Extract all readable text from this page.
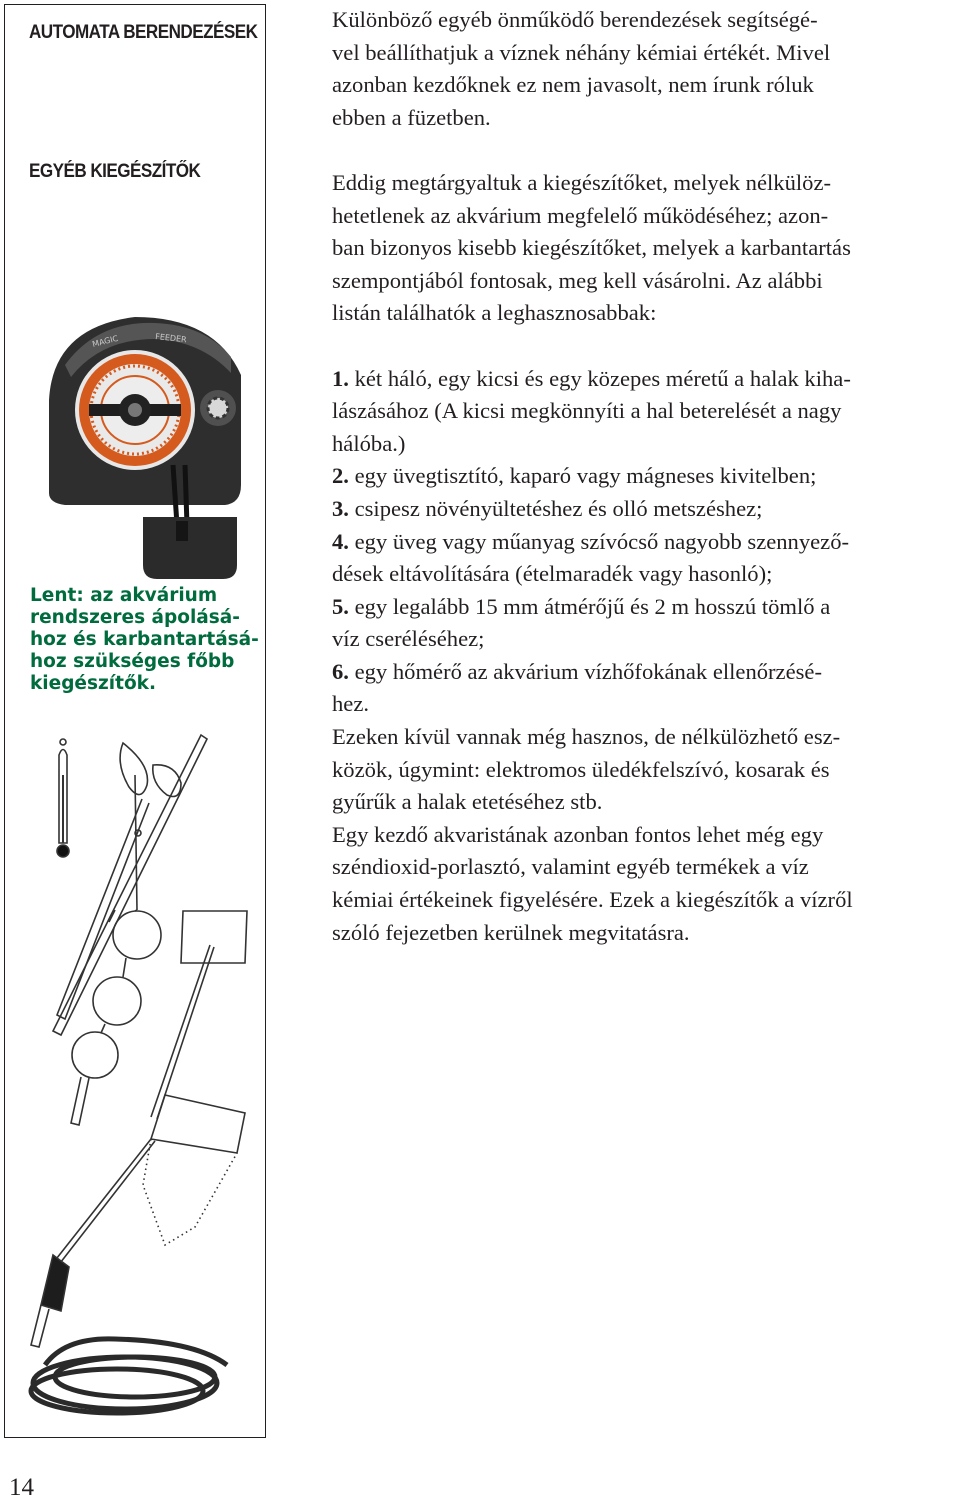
AUTOMATA BERENDEZÉSEK
EGYÉB KIEGÉSZÍTŐK
MAGIC	FEEDER

Lent: az akvárium

rendszeres ápolásá-

hoz és karbantartásá-

hoz szükséges főbb

kiegészítők.

Különböző egyéb önműködő berendezések segítségé-

vel beállíthatjuk a víznek néhány kémiai értékét. Mivel

azonban kezdőknek ez nem javasolt, nem írunk róluk

ebben a füzetben.

Eddig megtárgyaltuk a kiegészítőket, melyek nélkülöz-

hetetlenek az akvárium megfelelő működéséhez; azon-

ban bizonyos kisebb kiegészítőket, melyek a karbantartás

szempontjából fontosak, meg kell vásárolni. Az alábbi

listán találhatók a leghasznosabbak:

1. két háló, egy kicsi és egy közepes méretű a halak kiha-

lászásához (A kicsi megkönnyíti a hal beterelését a nagy

hálóba.)

2. egy üvegtisztító, kaparó vagy mágneses kivitelben;

3. csipesz növényültetéshez és olló metszéshez;

4. egy üveg vagy műanyag szívócső nagyobb szennyező-

dések eltávolítására (ételmaradék vagy hasonló);

5. egy legalább 15 mm átmérőjű és 2 m hosszú tömlő a

víz cseréléséhez;

6. egy hőmérő az akvárium vízhőfokának ellenőrzésé-

hez.

Ezeken kívül vannak még hasznos, de nélkülözhető esz-

közök, úgymint: elektromos üledékfelszívó, kosarak és

gyűrűk a halak etetéséhez stb.

Egy kezdő akvaristának azonban fontos lehet még egy

széndioxid-porlasztó, valamint egyéb termékek a víz

kémiai értékeinek figyelésére. Ezek a kiegészítők a vízről

szóló fejezetben kerülnek megvitatásra.

14
